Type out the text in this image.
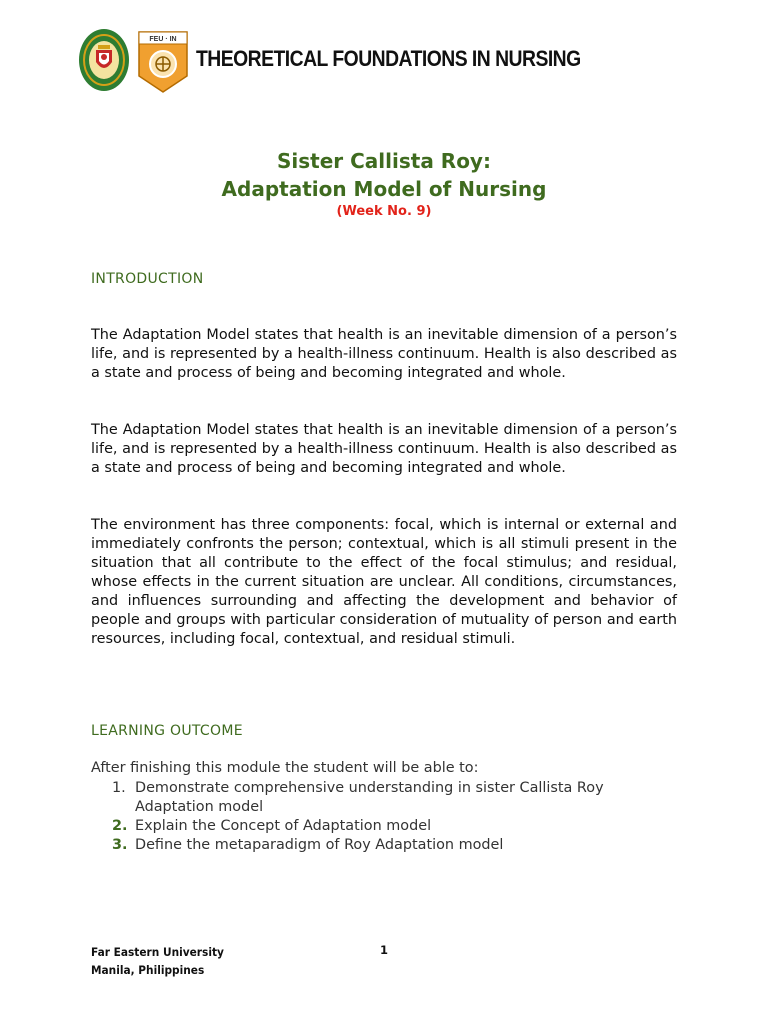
FEU · IN
THEORETICAL FOUNDATIONS IN NURSING
Sister Callista Roy:
Adaptation Model of Nursing
(Week No. 9)
INTRODUCTION

The Adaptation Model states that health is an inevitable dimension of a person’s life, and is represented by a health-illness continuum. Health is also described as a state and process of being and becoming integrated and whole.

The Adaptation Model states that health is an inevitable dimension of a person’s life, and is represented by a health-illness continuum. Health is also described as a state and process of being and becoming integrated and whole.

The environment has three components: focal, which is internal or external and immediately confronts the person; contextual, which is all stimuli present in the situation that all contribute to the effect of the focal stimulus; and residual, whose effects in the current situation are unclear. All conditions, circumstances, and influences surrounding and affecting the development and behavior of people and groups with particular consideration of mutuality of person and earth resources, including focal, contextual, and residual stimuli.

LEARNING OUTCOME
After finishing this module the student will be able to:
1. Demonstrate comprehensive understanding in sister Callista Roy Adaptation model
2. Explain the Concept of Adaptation model
3. Define the metaparadigm of Roy Adaptation model
Far Eastern University
Manila, Philippines
1
